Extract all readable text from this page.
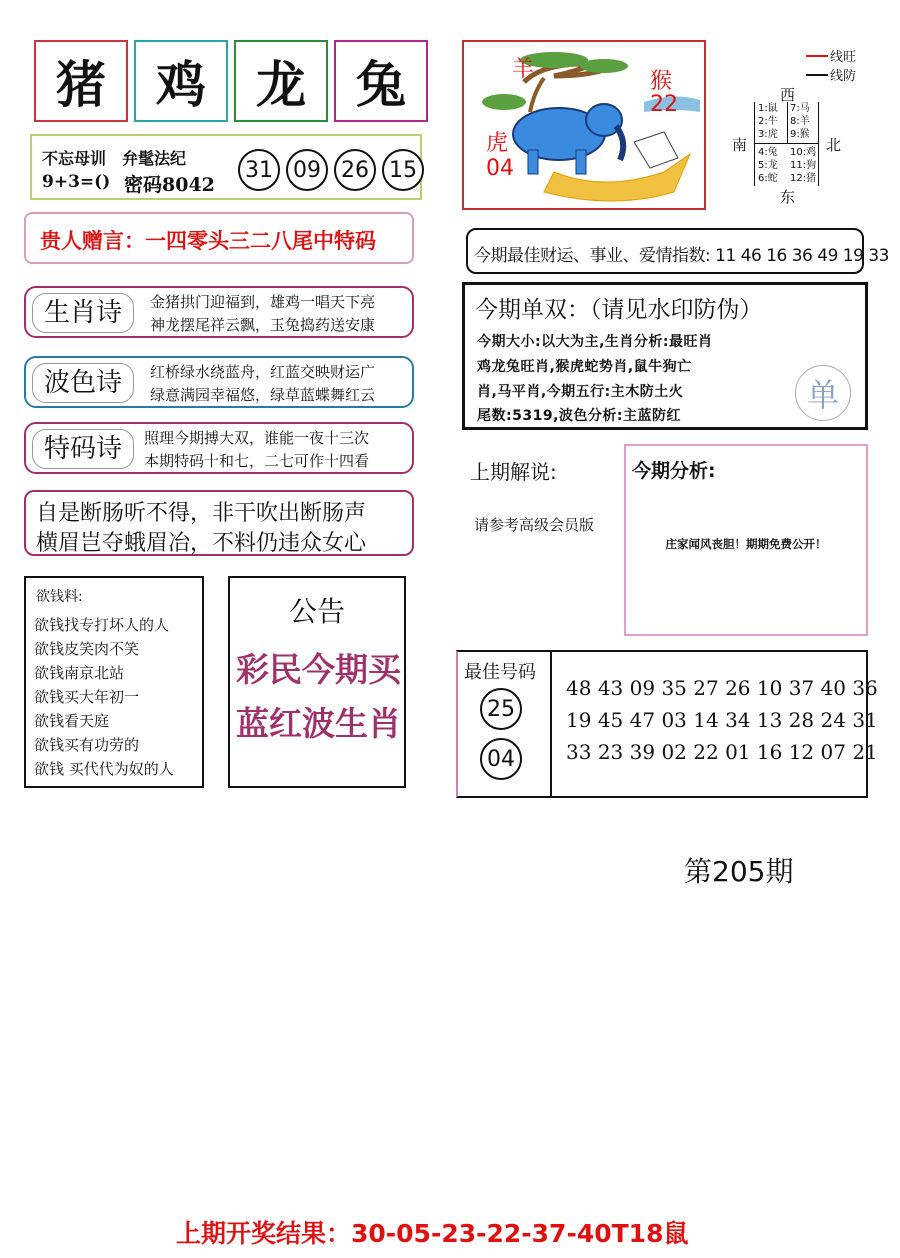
猪	鸡	龙	兔
不忘母训　弁髦法纪
9+3=() 密码8042
31 09 26 15
贵人赠言：一四零头三二八尾中特码
生肖诗	金猪拱门迎福到，雄鸡一唱天下亮
神龙摆尾祥云飘，玉兔捣药送安康
波色诗	红桥绿水绕蓝舟，红蓝交映财运广
绿意满园幸福悠，绿草蓝蝶舞红云
特码诗	照理今期搏大双，谁能一夜十三次
本期特码十和七，二七可作十四看
自是断肠听不得，非干吹出断肠声
横眉岂夺蛾眉冶，不料仍违众女心
欲钱料:
欲钱找专打坏人的人
欲钱皮笑肉不笑
欲钱南京北站
欲钱买大年初一
欲钱看天庭
欲钱买有功劳的
欲钱 买代代为奴的人
公告
彩民今期买
蓝红波生肖
羊	猴
22
虎
04
线旺
线防
西
南	北
东
1:鼠
2:牛
3:虎
7:马
8:羊
9:猴
4:兔
5:龙
6:蛇
10:鸡
11:狗
12:猪
今期最佳财运、事业、爱情指数: 11 46 16 36 49 19 33
今期单双：（请见水印防伪）
今期大小:以大为主,生肖分析:最旺肖
鸡龙兔旺肖,猴虎蛇势肖,鼠牛狗亡
肖,马平肖,今期五行:主木防土火
尾数:5319,波色分析:主蓝防红
单
上期解说:
请参考高级会员版
今期分析:
庄家闻风丧胆！期期免费公开！
最佳号码
25
04
48 43 09 35 27 26 10 37 40 36
19 45 47 03 14 34 13 28 24 31
33 23 39 02 22 01 16 12 07 21
第205期
上期开奖结果：30-05-23-22-37-40T18鼠
